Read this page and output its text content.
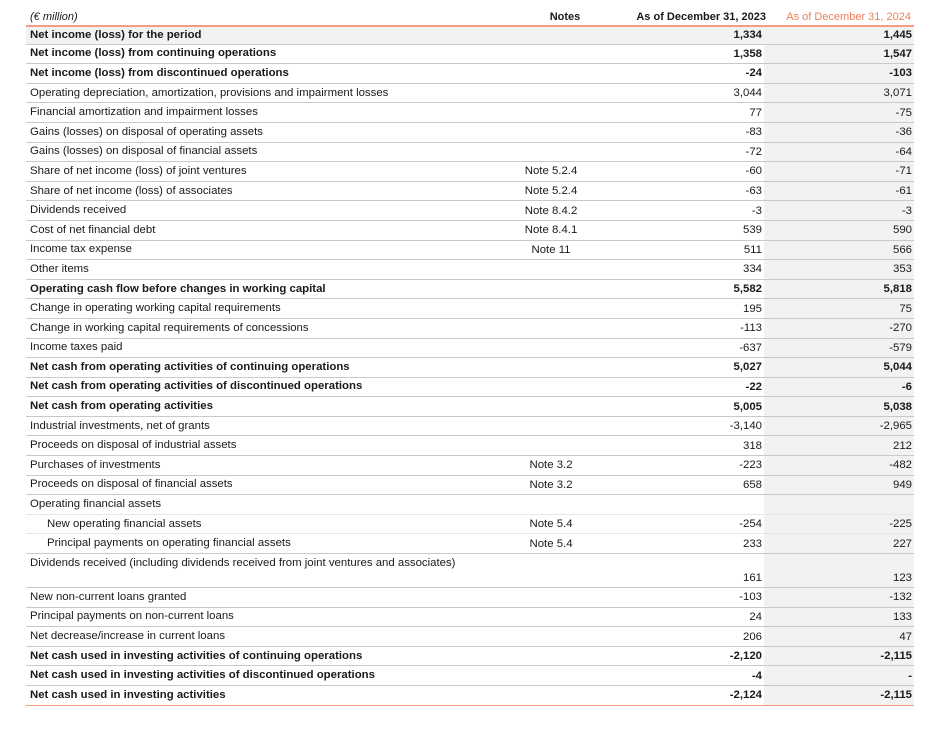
(€ million)	Notes	As of December 31, 2023	As of December 31, 2024
Net income (loss) for the period	1,334	1,445
Net income (loss) from continuing operations	1,358	1,547
Net income (loss) from discontinued operations	-24	-103
Operating depreciation, amortization, provisions and impairment losses	3,044	3,071
Financial amortization and impairment losses	77	-75
Gains (losses) on disposal of operating assets	-83	-36
Gains (losses) on disposal of financial assets	-72	-64
Share of net income (loss) of joint ventures	Note 5.2.4	-60	-71
Share of net income (loss) of associates	Note 5.2.4	-63	-61
Dividends received	Note 8.4.2	-3	-3
Cost of net financial debt	Note 8.4.1	539	590
Income tax expense	Note 11	511	566
Other items	334	353
Operating cash flow before changes in working capital	5,582	5,818
Change in operating working capital requirements	195	75
Change in working capital requirements of concessions	-113	-270
Income taxes paid	-637	-579
Net cash from operating activities of continuing operations	5,027	5,044
Net cash from operating activities of discontinued operations	-22	-6
Net cash from operating activities	5,005	5,038
Industrial investments, net of grants	-3,140	-2,965
Proceeds on disposal of industrial assets	318	212
Purchases of investments	Note 3.2	-223	-482
Proceeds on disposal of financial assets	Note 3.2	658	949
Operating financial assets
New operating financial assets	Note 5.4	-254	-225
Principal payments on operating financial assets	Note 5.4	233	227
Dividends received (including dividends received from joint ventures and associates)
161	123
New non-current loans granted	-103	-132
Principal payments on non-current loans	24	133
Net decrease/increase in current loans	206	47
Net cash used in investing activities of continuing operations	-2,120	-2,115
Net cash used in investing activities of discontinued operations	-4	-
Net cash used in investing activities	-2,124	-2,115
